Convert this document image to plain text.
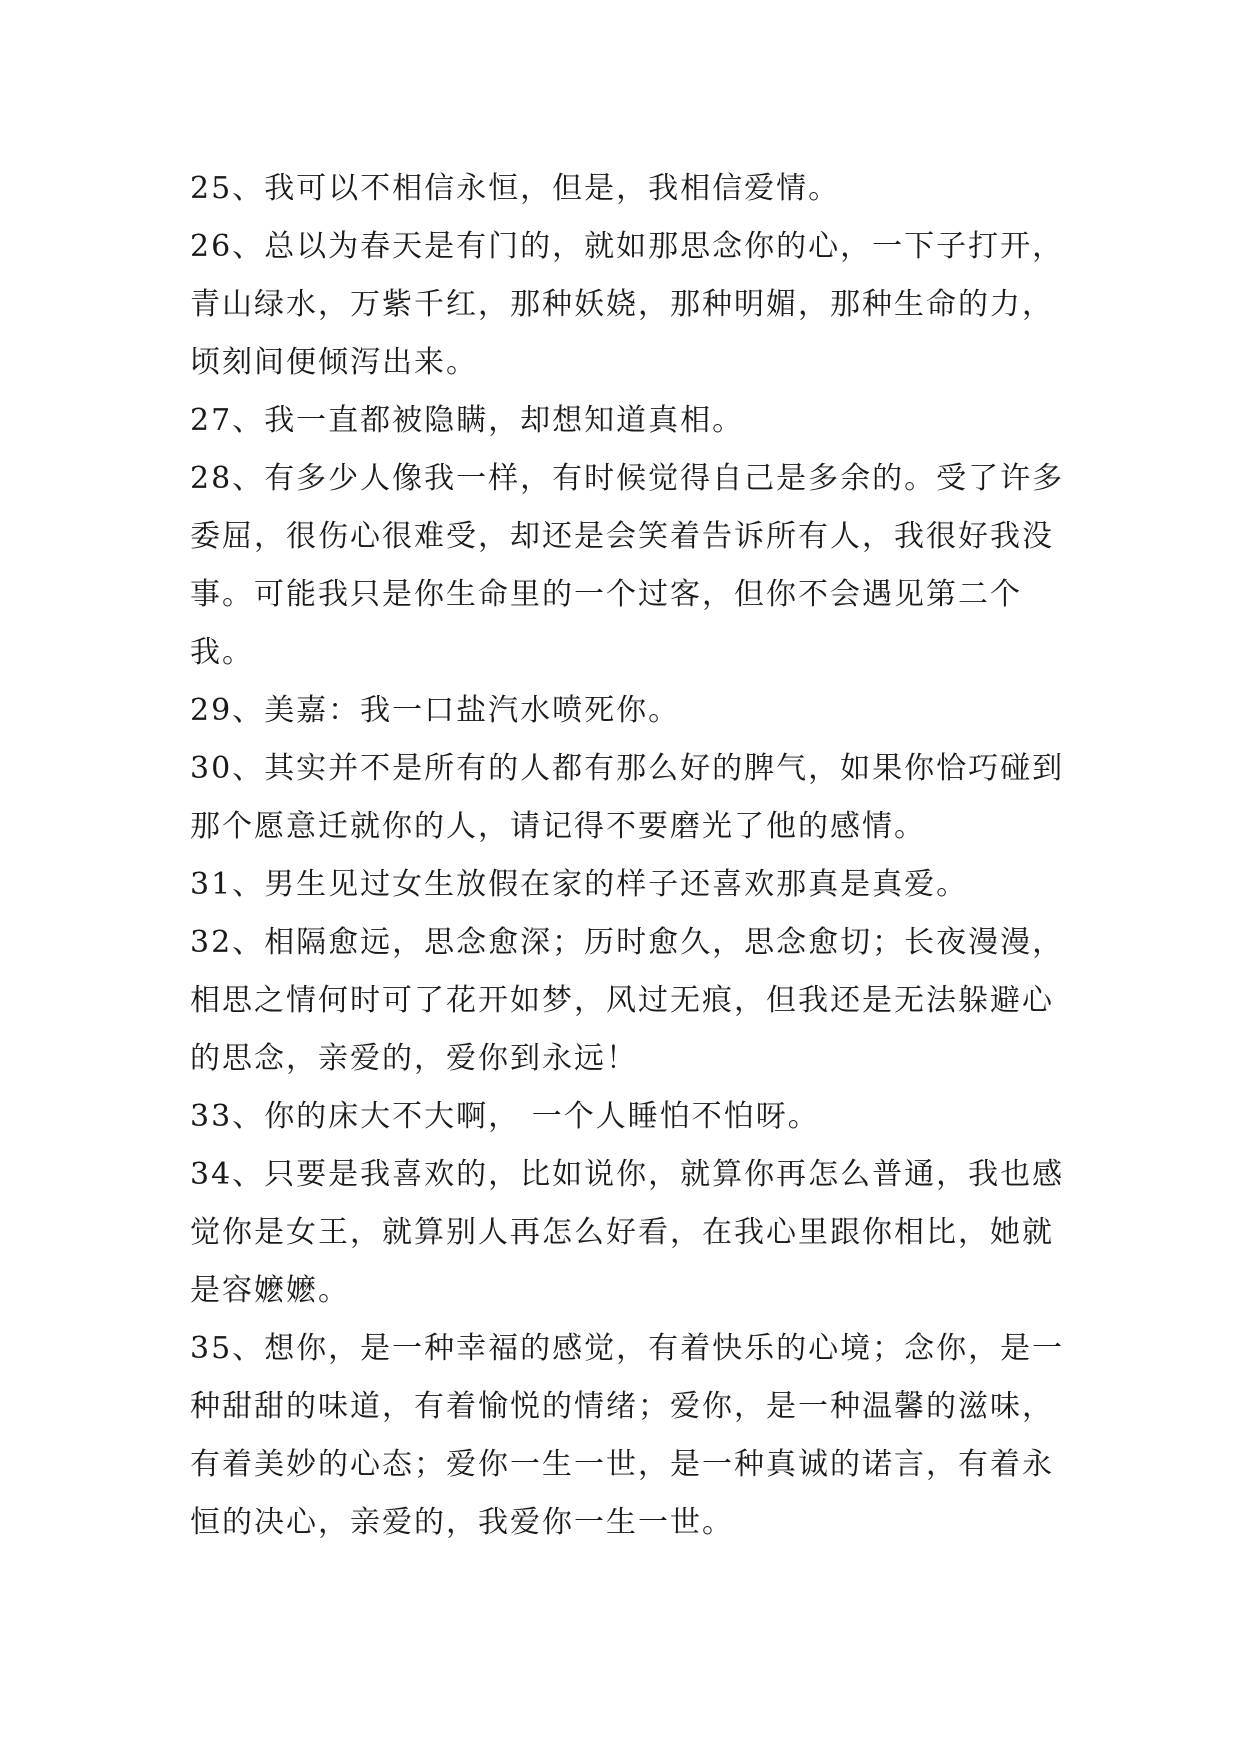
25、我可以不相信永恒，但是，我相信爱情。

26、总以为春天是有门的，就如那思念你的心，一下子打开，青山绿水，万紫千红，那种妖娆，那种明媚，那种生命的力，顷刻间便倾泻出来。

27、我一直都被隐瞒，却想知道真相。

28、有多少人像我一样，有时候觉得自己是多余的。受了许多委屈，很伤心很难受，却还是会笑着告诉所有人，我很好我没事。可能我只是你生命里的一个过客，但你不会遇见第二个我。

29、美嘉：我一口盐汽水喷死你。

30、其实并不是所有的人都有那么好的脾气，如果你恰巧碰到那个愿意迁就你的人，请记得不要磨光了他的感情。

31、男生见过女生放假在家的样子还喜欢那真是真爱。

32、相隔愈远，思念愈深；历时愈久，思念愈切；长夜漫漫，相思之情何时可了花开如梦，风过无痕，但我还是无法躲避心的思念，亲爱的，爱你到永远！

33、你的床大不大啊， 一个人睡怕不怕呀。

34、只要是我喜欢的，比如说你，就算你再怎么普通，我也感觉你是女王，就算别人再怎么好看，在我心里跟你相比，她就是容嬷嬷。

35、想你，是一种幸福的感觉，有着快乐的心境；念你，是一种甜甜的味道，有着愉悦的情绪；爱你，是一种温馨的滋味，有着美妙的心态；爱你一生一世，是一种真诚的诺言，有着永恒的决心，亲爱的，我爱你一生一世。
